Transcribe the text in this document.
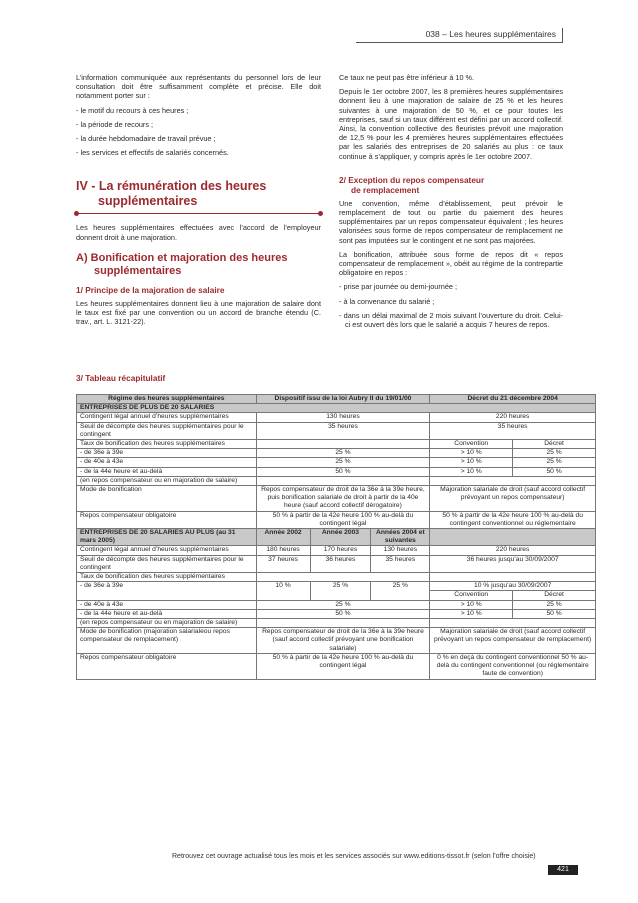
038 – Les heures supplémentaires

L’information communiquée aux représentants du personnel lors de leur consultation doit être suffisamment complète et précise. Elle doit notamment porter sur :

- le motif du recours à ces heures ;

- la période de recours ;

- la durée hebdomadaire de travail prévue ;

- les services et effectifs de salariés concernés.

IV - La rémunération des heures
supplémentaires

Les heures supplémentaires effectuées avec l’accord de l’employeur donnent droit à une majoration.

A) Bonification et majoration des heures
supplémentaires
1/ Principe de la majoration de salaire

Les heures supplémentaires donnent lieu à une majoration de salaire dont le taux est fixé par une convention ou un accord de branche étendu (C. trav., art. L. 3121-22).

Ce taux ne peut pas être inférieur à 10 %.

Depuis le 1er octobre 2007, les 8 premières heures supplémentaires donnent lieu à une majoration de salaire de 25 % et les heures suivantes à une majoration de 50 %, et ce pour toutes les entreprises, sauf si un taux différent est défini par un accord collectif. Ainsi, la convention collective des fleuristes prévoit une majoration de 12,5 % pour les 4 premières heures supplémentaires effectuées par les salariés des entreprises de 20 salariés au plus : ce taux continue à s’appliquer, y compris après le 1er octobre 2007.

2/ Exception du repos compensateur
de remplacement

Une convention, même d’établissement, peut prévoir le remplacement de tout ou partie du paiement des heures supplémentaires par un repos compensateur équivalent ; les heures valorisées sous forme de repos compensateur de remplacement ne sont pas imputées sur le contingent et ne sont pas majorées.

La bonification, attribuée sous forme de repos dit « repos compensateur de remplacement », obéit au régime de la contrepartie obligatoire en repos :

- prise par journée ou demi-journée ;

- à la convenance du salarié ;

- dans un délai maximal de 2 mois suivant l’ouverture du droit. Celui-ci est ouvert dès lors que le salarié a acquis 7 heures de repos.

3/ Tableau récapitulatif
Régime des heures supplémentaires	Dispositif issu de la loi Aubry II du 19/01/00			Décret du 21 décembre 2004	
ENTREPRISES DE PLUS DE 20 SALARIES					
Contingent légal annuel d’heures supplémentaires	130 heures			220 heures	
Seuil de décompte des heures supplémentaires pour le contingent	35 heures			35 heures	
Taux de bonification des heures supplémentaires				Convention	Décret
- de 36e à 39e	25 %			> 10 %	25 %
- de 40e à 43e	25 %			> 10 %	25 %
- de la 44e heure et au-delà	50 %			> 10 %	50 %
(en repos compensateur ou en majoration de salaire)					
Mode de bonification	Repos compensateur de droit de la 36e à la 39e heure, puis bonification salariale de droit à partir de la 40e heure (sauf accord collectif dérogatoire)			Majoration salariale de droit (sauf accord collectif prévoyant un repos compensateur)	
Repos compensateur obligatoire	50 % à partir de la 42e heure 100 % au-delà du contingent légal			50 % à partir de la 42e heure 100 % au-delà du contingent conventionnel ou réglementaire	
ENTREPRISES DE 20 SALARIES AU PLUS (au 31 mars 2005)	Année 2002	Année 2003	Années 2004 et suivantes		
Contingent légal annuel d’heures supplémentaires	180 heures	170 heures	130 heures	220 heures	
Seuil de décompte des heures supplémentaires pour le contingent	37 heures	36 heures	35 heures	36 heures jusqu’au 30/09/2007	
Taux de bonification des heures supplémentaires					
- de 36e à 39e	10 %	25 %	25 %	10 % jusqu’au 30/09/2007	
				Convention	Décret
- de 40e à 43e	25 %			> 10 %	25 %
- de la 44e heure et au-delà	50 %			> 10 %	50 %
(en repos compensateur ou en majoration de salaire)					
Mode de bonification (majoration salarialeou repos compensateur de remplacement)	Repos compensateur de droit de la 36e à la 39e heure (sauf accord collectif prévoyant une bonification salariale)			Majoration salariale de droit (sauf accord collectif prévoyant un repos compensateur de remplacement)	
Repos compensateur obligatoire	50 % à partir de la 42e heure 100 % au-delà du contingent légal			0 % en deçà du contingent conventionnel 50 % au-delà du contingent conventionnel (ou réglementaire faute de convention)	
Retrouvez cet ouvrage actualisé tous les mois et les services associés sur www.editions-tissot.fr (selon l’offre choisie)
421
